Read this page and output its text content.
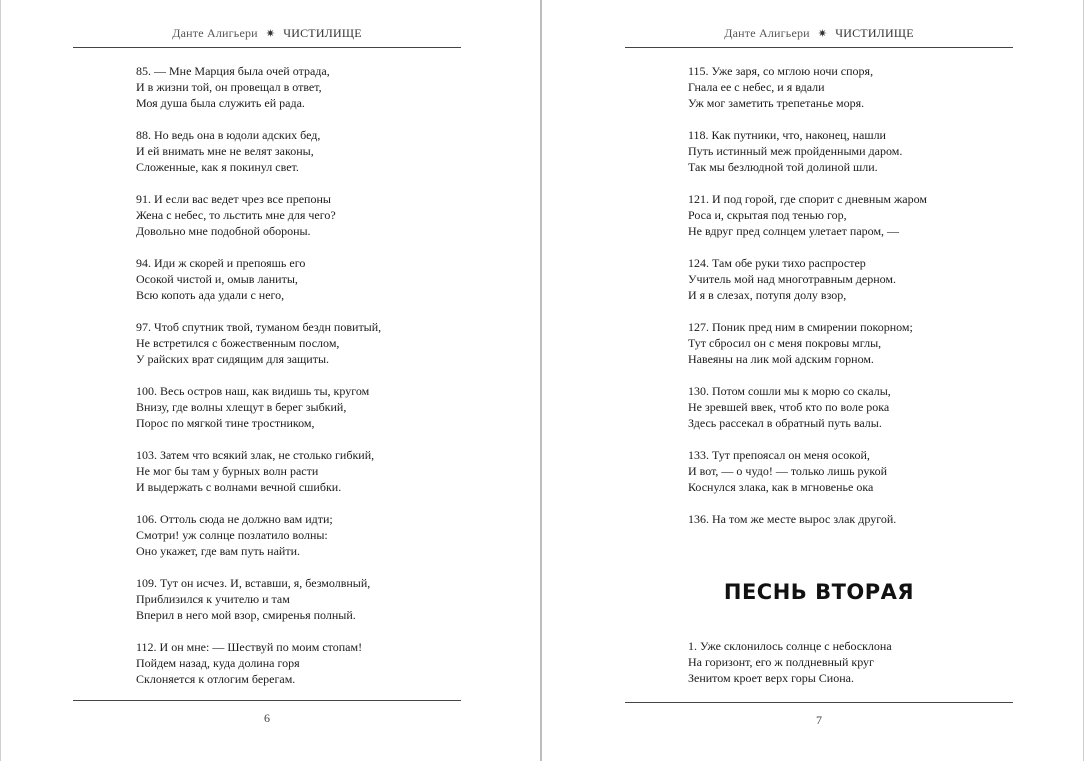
Данте Алигьери ✷ ЧИСТИЛИЩЕ
85. — Мне Марция была очей отрада,
И в жизни той, он провещал в ответ,
Моя душа была служить ей рада.
88. Но ведь она в юдоли адских бед,
И ей внимать мне не велят законы,
Сложенные, как я покинул свет.
91. И если вас ведет чрез все препоны
Жена с небес, то льстить мне для чего?
Довольно мне подобной обороны.
94. Иди ж скорей и препояшь его
Осокой чистой и, омыв ланиты,
Всю копоть ада удали с него,
97. Чтоб спутник твой, туманом бездн повитый,
Не встретился с божественным послом,
У райских врат сидящим для защиты.
100. Весь остров наш, как видишь ты, кругом
Внизу, где волны хлещут в берег зыбкий,
Порос по мягкой тине тростником,
103. Затем что всякий злак, не столько гибкий,
Не мог бы там у бурных волн расти
И выдержать с волнами вечной сшибки.
106. Оттоль сюда не должно вам идти;
Смотри! уж солнце позлатило волны:
Оно укажет, где вам путь найти.
109. Тут он исчез. И, вставши, я, безмолвный,
Приблизился к учителю и там
Вперил в него мой взор, смиренья полный.
112. И он мне: — Шествуй по моим стопам!
Пойдем назад, куда долина горя
Склоняется к отлогим берегам.
6
Данте Алигьери ✷ ЧИСТИЛИЩЕ
115. Уже заря, со мглою ночи споря,
Гнала ее с небес, и я вдали
Уж мог заметить трепетанье моря.
118. Как путники, что, наконец, нашли
Путь истинный меж пройденными даром.
Так мы безлюдной той долиной шли.
121. И под горой, где спорит с дневным жаром
Роса и, скрытая под тенью гор,
Не вдруг пред солнцем улетает паром, —
124. Там обе руки тихо распростер
Учитель мой над многотравным дерном.
И я в слезах, потупя долу взор,
127. Поник пред ним в смирении покорном;
Тут сбросил он с меня покровы мглы,
Навеяны на лик мой адским горном.
130. Потом сошли мы к морю со скалы,
Не зревшей ввек, чтоб кто по воле рока
Здесь рассекал в обратный путь валы.
133. Тут препоясал он меня осокой,
И вот, — о чудо! — только лишь рукой
Коснулся злака, как в мгновенье ока
136. На том же месте вырос злак другой.
ПЕСНЬ ВТОРАЯ
1. Уже склонилось солнце с небосклона
На горизонт, его ж полдневный круг
Зенитом кроет верх горы Сиона.
7
